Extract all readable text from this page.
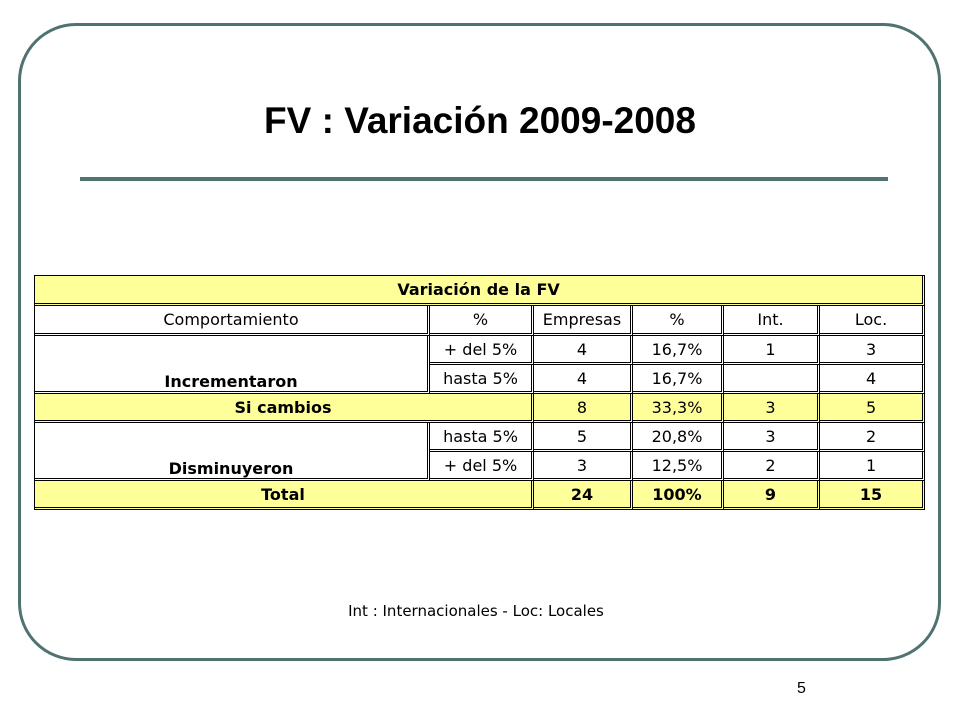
FV : Variación 2009-2008
Variación de la FV					
Comportamiento	%	Empresas	%	Int.	Loc.
Incrementaron	+ del 5%	4	16,7%	1	3
	hasta 5%	4	16,7%		4
Si cambios		8	33,3%	3	5
Disminuyeron	hasta 5%	5	20,8%	3	2
	+ del 5%	3	12,5%	2	1
Total		24	100%	9	15
Int : Internacionales - Loc: Locales
5
